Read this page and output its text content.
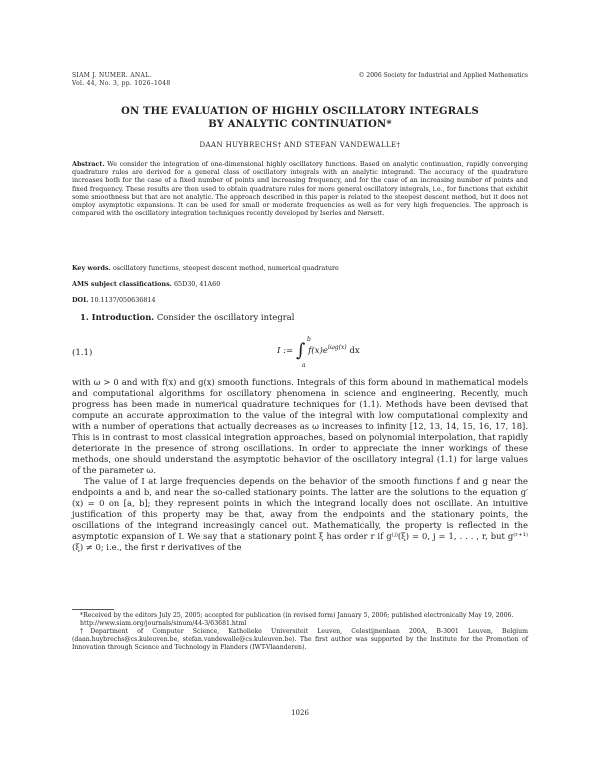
SIAM J. NUMER. ANAL.
Vol. 44, No. 3, pp. 1026–1048
© 2006 Society for Industrial and Applied Mathematics
ON THE EVALUATION OF HIGHLY OSCILLATORY INTEGRALS
BY ANALYTIC CONTINUATION*
DAAN HUYBRECHS† AND STEFAN VANDEWALLE†
Abstract. We consider the integration of one-dimensional highly oscillatory functions. Based on analytic continuation, rapidly converging quadrature rules are derived for a general class of oscillatory integrals with an analytic integrand. The accuracy of the quadrature increases both for the case of a fixed number of points and increasing frequency, and for the case of an increasing number of points and fixed frequency. These results are then used to obtain quadrature rules for more general oscillatory integrals, i.e., for functions that exhibit some smoothness but that are not analytic. The approach described in this paper is related to the steepest descent method, but it does not employ asymptotic expansions. It can be used for small or moderate frequencies as well as for very high frequencies. The approach is compared with the oscillatory integration techniques recently developed by Iserles and Nørsett.
Key words. oscillatory functions, steepest descent method, numerical quadrature
AMS subject classifications. 65D30, 41A60
DOI. 10.1137/050636814
1. Introduction. Consider the oscillatory integral
(1.1)	I := ∫
b
a
$f(x)e^{i\omega g(x)}$ dx

with ω > 0 and with f(x) and g(x) smooth functions. Integrals of this form abound in mathematical models and computational algorithms for oscillatory phenomena in science and engineering. Recently, much progress has been made in numerical quadrature techniques for (1.1). Methods have been devised that compute an accurate approximation to the value of the integral with low computational complexity and with a number of operations that actually decreases as ω increases to infinity [12, 13, 14, 15, 16, 17, 18]. This is in contrast to most classical integration approaches, based on polynomial interpolation, that rapidly deteriorate in the presence of strong oscillations. In order to appreciate the inner workings of these methods, one should understand the asymptotic behavior of the oscillatory integral (1.1) for large values of the parameter ω.

The value of I at large frequencies depends on the behavior of the smooth functions f and g near the endpoints a and b, and near the so-called stationary points. The latter are the solutions to the equation g′(x) = 0 on [a, b]; they represent points in which the integrand locally does not oscillate. An intuitive justification of this property may be that, away from the endpoints and the stationary points, the oscillations of the integrand increasingly cancel out. Mathematically, the property is reflected in the asymptotic expansion of I. We say that a stationary point ξ has order r if g⁽ʲ⁾(ξ) = 0, j = 1, . . . , r, but g⁽ʳ⁺¹⁾(ξ) ≠ 0; i.e., the first r derivatives of the

*Received by the editors July 25, 2005; accepted for publication (in revised form) January 5, 2006; published electronically May 19, 2006.

http://www.siam.org/journals/sinum/44-3/63681.html

†Department of Computer Science, Katholieke Universiteit Leuven, Celestijnenlaan 200A, B-3001 Leuven, Belgium (daan.huybrechs@cs.kuleuven.be, stefan.vandewalle@cs.kuleuven.be). The first author was supported by the Institute for the Promotion of Innovation through Science and Technology in Flanders (IWT-Vlaanderen).

1026
